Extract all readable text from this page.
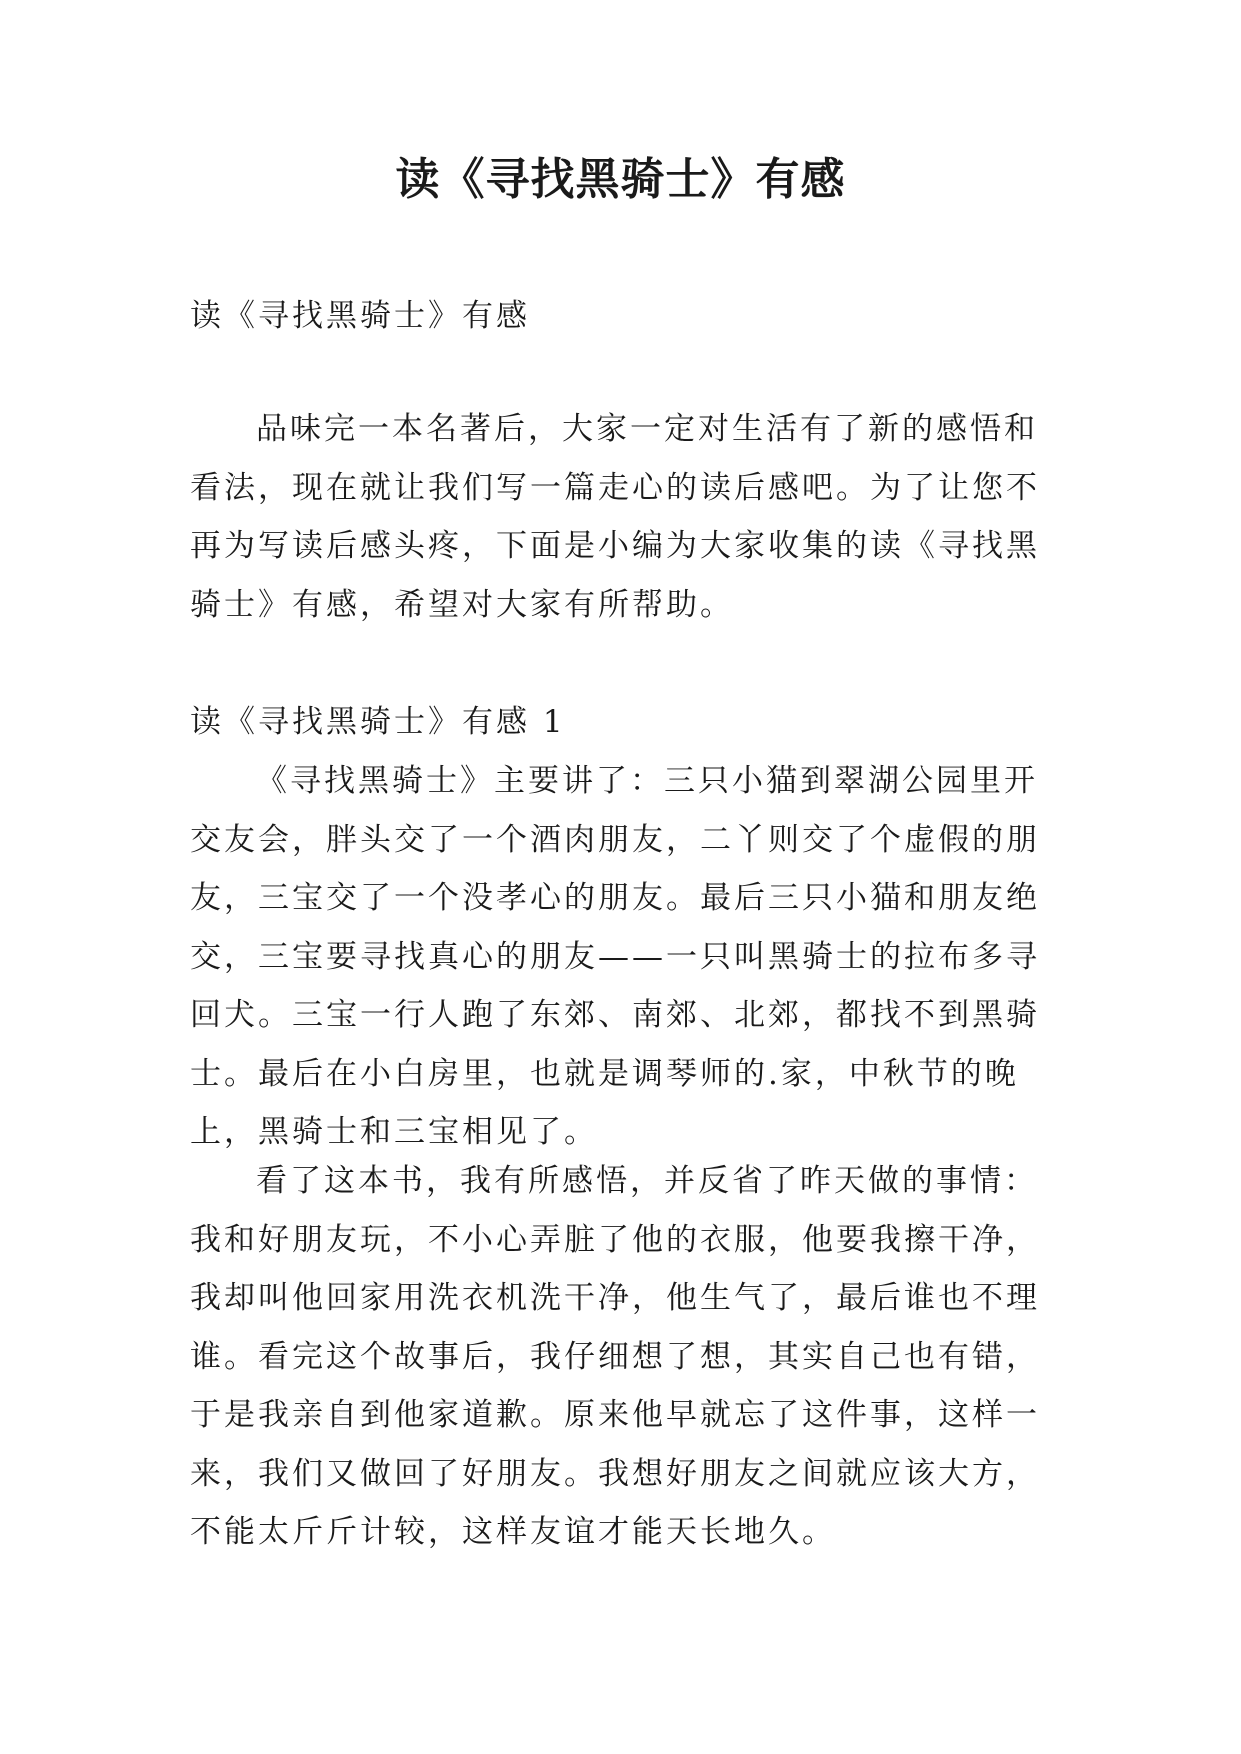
读《寻找黑骑士》有感

读《寻找黑骑士》有感

品味完一本名著后，大家一定对生活有了新的感悟和看法，现在就让我们写一篇走心的读后感吧。为了让您不再为写读后感头疼，下面是小编为大家收集的读《寻找黑骑士》有感，希望对大家有所帮助。

读《寻找黑骑士》有感 1

《寻找黑骑士》主要讲了：三只小猫到翠湖公园里开交友会，胖头交了一个酒肉朋友，二丫则交了个虚假的朋友，三宝交了一个没孝心的朋友。最后三只小猫和朋友绝交，三宝要寻找真心的朋友——一只叫黑骑士的拉布多寻回犬。三宝一行人跑了东郊、南郊、北郊，都找不到黑骑士。最后在小白房里，也就是调琴师的.家，中秋节的晚上，黑骑士和三宝相见了。

看了这本书，我有所感悟，并反省了昨天做的事情：我和好朋友玩，不小心弄脏了他的衣服，他要我擦干净，我却叫他回家用洗衣机洗干净，他生气了，最后谁也不理谁。看完这个故事后，我仔细想了想，其实自己也有错，于是我亲自到他家道歉。原来他早就忘了这件事，这样一来，我们又做回了好朋友。我想好朋友之间就应该大方，不能太斤斤计较，这样友谊才能天长地久。
